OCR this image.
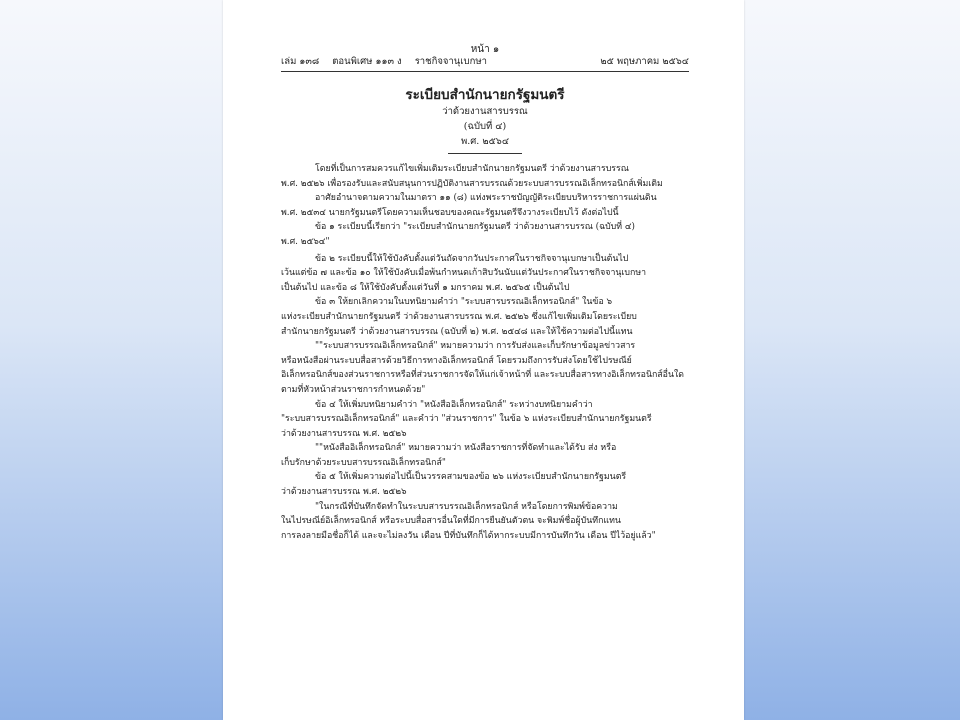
หน้า ๑
เล่ม ๑๓๘ ตอนพิเศษ ๑๑๓ ง ราชกิจจานุเบกษา	๒๕ พฤษภาคม ๒๕๖๔
ระเบียบสำนักนายกรัฐมนตรี
ว่าด้วยงานสารบรรณ
(ฉบับที่ ๔)
พ.ศ. ๒๕๖๔

โดยที่เป็นการสมควรแก้ไขเพิ่มเติมระเบียบสำนักนายกรัฐมนตรี ว่าด้วยงานสารบรรณ

พ.ศ. ๒๕๒๖ เพื่อรองรับและสนับสนุนการปฏิบัติงานสารบรรณด้วยระบบสารบรรณอิเล็กทรอนิกส์เพิ่มเติม

อาศัยอำนาจตามความในมาตรา ๑๑ (๘) แห่งพระราชบัญญัติระเบียบบริหารราชการแผ่นดิน

พ.ศ. ๒๕๓๔ นายกรัฐมนตรีโดยความเห็นชอบของคณะรัฐมนตรีจึงวางระเบียบไว้ ดังต่อไปนี้

ข้อ ๑ ระเบียบนี้เรียกว่า "ระเบียบสำนักนายกรัฐมนตรี ว่าด้วยงานสารบรรณ (ฉบับที่ ๔)

พ.ศ. ๒๕๖๔"

ข้อ ๒ ระเบียบนี้ให้ใช้บังคับตั้งแต่วันถัดจากวันประกาศในราชกิจจานุเบกษาเป็นต้นไป

เว้นแต่ข้อ ๗ และข้อ ๑๐ ให้ใช้บังคับเมื่อพ้นกำหนดเก้าสิบวันนับแต่วันประกาศในราชกิจจานุเบกษา

เป็นต้นไป และข้อ ๘ ให้ใช้บังคับตั้งแต่วันที่ ๑ มกราคม พ.ศ. ๒๕๖๕ เป็นต้นไป

ข้อ ๓ ให้ยกเลิกความในบทนิยามคำว่า "ระบบสารบรรณอิเล็กทรอนิกส์" ในข้อ ๖

แห่งระเบียบสำนักนายกรัฐมนตรี ว่าด้วยงานสารบรรณ พ.ศ. ๒๕๒๖ ซึ่งแก้ไขเพิ่มเติมโดยระเบียบ

สำนักนายกรัฐมนตรี ว่าด้วยงานสารบรรณ (ฉบับที่ ๒) พ.ศ. ๒๕๔๘ และให้ใช้ความต่อไปนี้แทน

""ระบบสารบรรณอิเล็กทรอนิกส์" หมายความว่า การรับส่งและเก็บรักษาข้อมูลข่าวสาร

หรือหนังสือผ่านระบบสื่อสารด้วยวิธีการทางอิเล็กทรอนิกส์ โดยรวมถึงการรับส่งโดยใช้ไปรษณีย์

อิเล็กทรอนิกส์ของส่วนราชการหรือที่ส่วนราชการจัดให้แก่เจ้าหน้าที่ และระบบสื่อสารทางอิเล็กทรอนิกส์อื่นใด

ตามที่หัวหน้าส่วนราชการกำหนดด้วย"

ข้อ ๔ ให้เพิ่มบทนิยามคำว่า "หนังสืออิเล็กทรอนิกส์" ระหว่างบทนิยามคำว่า

"ระบบสารบรรณอิเล็กทรอนิกส์" และคำว่า "ส่วนราชการ" ในข้อ ๖ แห่งระเบียบสำนักนายกรัฐมนตรี

ว่าด้วยงานสารบรรณ พ.ศ. ๒๕๒๖

""หนังสืออิเล็กทรอนิกส์" หมายความว่า หนังสือราชการที่จัดทำและได้รับ ส่ง หรือ

เก็บรักษาด้วยระบบสารบรรณอิเล็กทรอนิกส์"

ข้อ ๕ ให้เพิ่มความต่อไปนี้เป็นวรรคสามของข้อ ๒๖ แห่งระเบียบสำนักนายกรัฐมนตรี

ว่าด้วยงานสารบรรณ พ.ศ. ๒๕๒๖

"ในกรณีที่บันทึกจัดทำในระบบสารบรรณอิเล็กทรอนิกส์ หรือโดยการพิมพ์ข้อความ

ในไปรษณีย์อิเล็กทรอนิกส์ หรือระบบสื่อสารอื่นใดที่มีการยืนยันตัวตน จะพิมพ์ชื่อผู้บันทึกแทน

การลงลายมือชื่อก็ได้ และจะไม่ลงวัน เดือน ปีที่บันทึกก็ได้หากระบบมีการบันทึกวัน เดือน ปีไว้อยู่แล้ว"
